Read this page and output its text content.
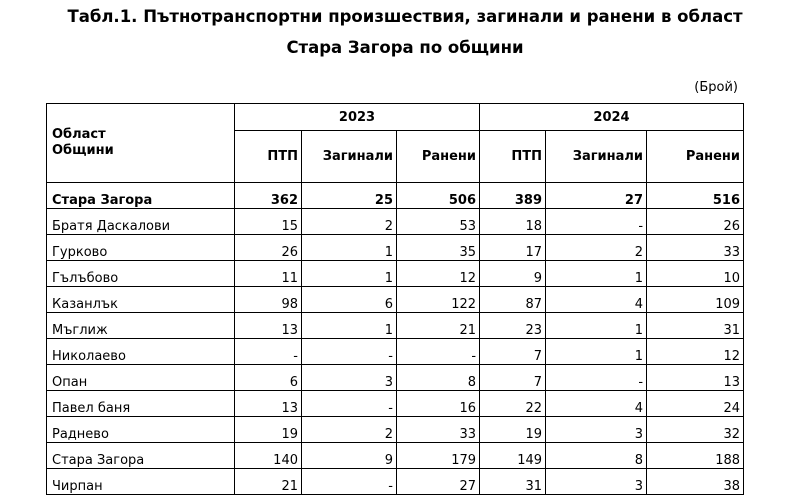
Табл.1. Пътнотранспортни произшествия, загинали и ранени в област
Стара Загора по общини
(Брой)
Област
Общини	2023			2024		
	ПТП	Загинали	Ранени	ПТП	Загинали	Ранени
Стара Загора	362	25	506	389	27	516
Братя Даскалови	15	2	53	18	-	26
Гурково	26	1	35	17	2	33
Гълъбово	11	1	12	9	1	10
Казанлък	98	6	122	87	4	109
Мъглиж	13	1	21	23	1	31
Николаево	-	-	-	7	1	12
Опан	6	3	8	7	-	13
Павел баня	13	-	16	22	4	24
Раднево	19	2	33	19	3	32
Стара Загора	140	9	179	149	8	188
Чирпан	21	-	27	31	3	38
